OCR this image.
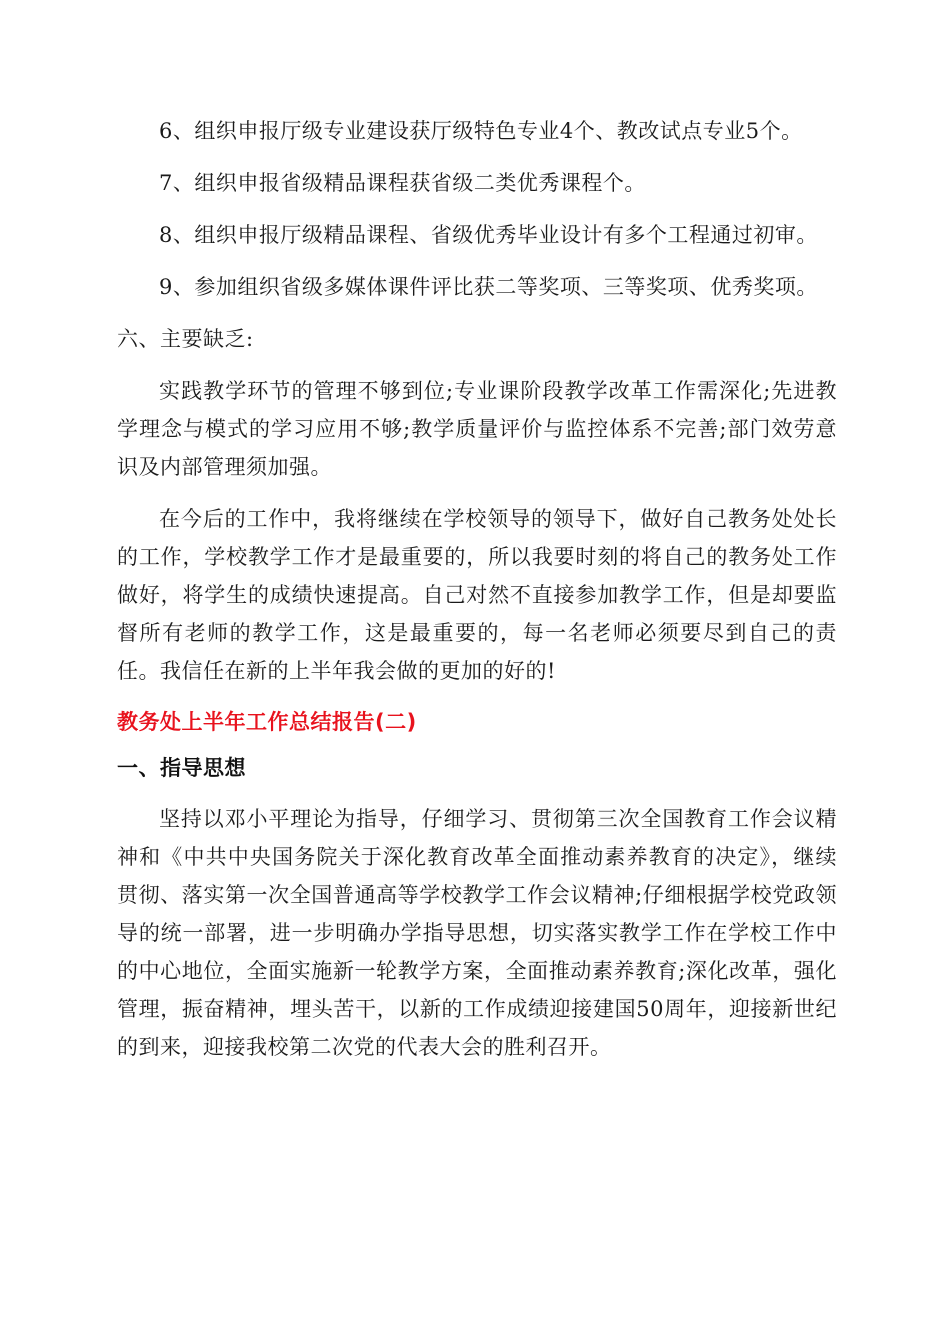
6、组织申报厅级专业建设获厅级特色专业4个、教改试点专业5个。

7、组织申报省级精品课程获省级二类优秀课程个。

8、组织申报厅级精品课程、省级优秀毕业设计有多个工程通过初审。

9、参加组织省级多媒体课件评比获二等奖项、三等奖项、优秀奖项。

六、主要缺乏:

实践教学环节的管理不够到位;专业课阶段教学改革工作需深化;先进教学理念与模式的学习应用不够;教学质量评价与监控体系不完善;部门效劳意识及内部管理须加强。

在今后的工作中，我将继续在学校领导的领导下，做好自己教务处处长的工作，学校教学工作才是最重要的，所以我要时刻的将自己的教务处工作做好，将学生的成绩快速提高。自己对然不直接参加教学工作，但是却要监督所有老师的教学工作，这是最重要的，每一名老师必须要尽到自己的责任。我信任在新的上半年我会做的更加的好的!

教务处上半年工作总结报告(二)
一、指导思想

坚持以邓小平理论为指导，仔细学习、贯彻第三次全国教育工作会议精神和《中共中央国务院关于深化教育改革全面推动素养教育的决定》，继续贯彻、落实第一次全国普通高等学校教学工作会议精神;仔细根据学校党政领导的统一部署，进一步明确办学指导思想，切实落实教学工作在学校工作中的中心地位，全面实施新一轮教学方案，全面推动素养教育;深化改革，强化管理，振奋精神，埋头苦干，以新的工作成绩迎接建国50周年，迎接新世纪的到来，迎接我校第二次党的代表大会的胜利召开。
